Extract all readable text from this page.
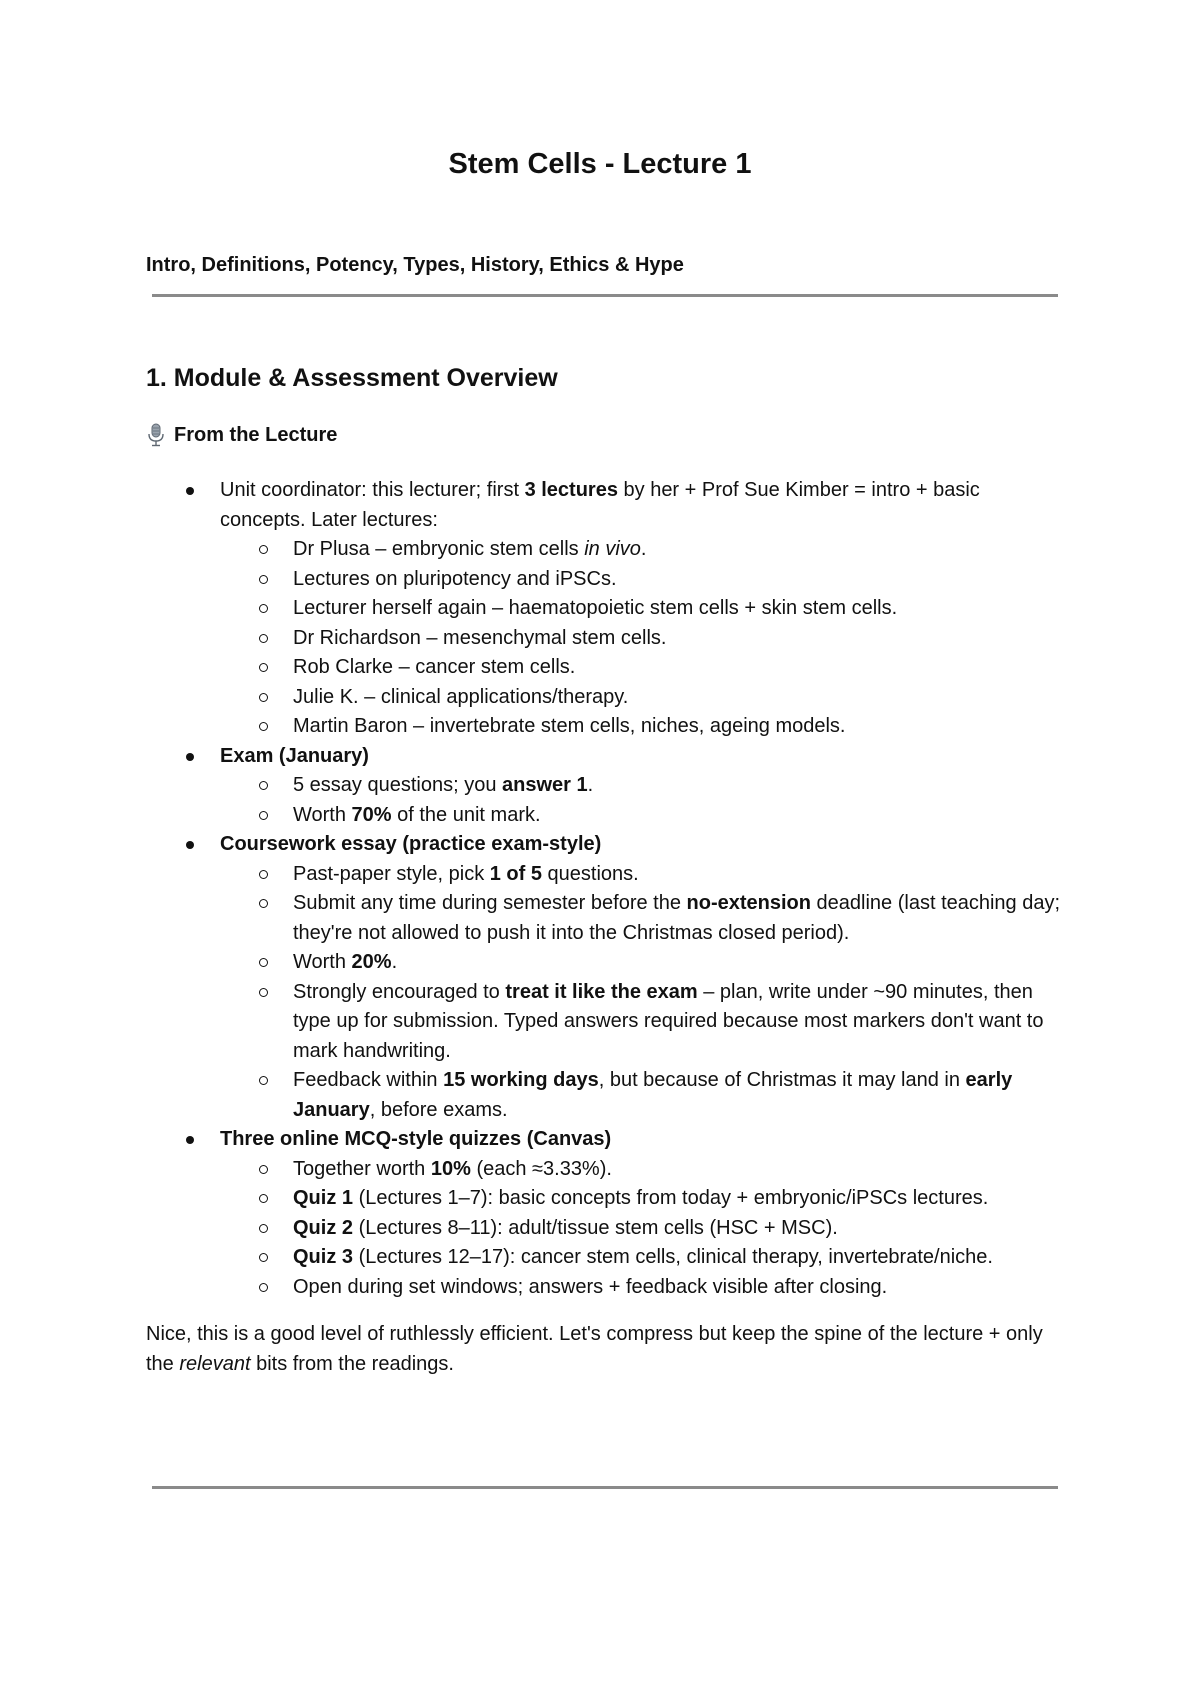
Stem Cells - Lecture 1

Intro, Definitions, Potency, Types, History, Ethics & Hype

1. Module & Assessment Overview
From the Lecture
Unit coordinator: this lecturer; first 3 lectures by her + Prof Sue Kimber = intro + basic concepts. Later lectures:
Dr Plusa – embryonic stem cells in vivo.
Lectures on pluripotency and iPSCs.
Lecturer herself again – haematopoietic stem cells + skin stem cells.
Dr Richardson – mesenchymal stem cells.
Rob Clarke – cancer stem cells.
Julie K. – clinical applications/therapy.
Martin Baron – invertebrate stem cells, niches, ageing models.
Exam (January)
5 essay questions; you answer 1.
Worth 70% of the unit mark.
Coursework essay (practice exam-style)
Past-paper style, pick 1 of 5 questions.
Submit any time during semester before the no-extension deadline (last teaching day; they're not allowed to push it into the Christmas closed period).
Worth 20%.
Strongly encouraged to treat it like the exam – plan, write under ~90 minutes, then type up for submission. Typed answers required because most markers don't want to mark handwriting.
Feedback within 15 working days, but because of Christmas it may land in early January, before exams.
Three online MCQ-style quizzes (Canvas)
Together worth 10% (each ≈3.33%).
Quiz 1 (Lectures 1–7): basic concepts from today + embryonic/iPSCs lectures.
Quiz 2 (Lectures 8–11): adult/tissue stem cells (HSC + MSC).
Quiz 3 (Lectures 12–17): cancer stem cells, clinical therapy, invertebrate/niche.
Open during set windows; answers + feedback visible after closing.

Nice, this is a good level of ruthlessly efficient. Let's compress but keep the spine of the lecture + only the relevant bits from the readings.
